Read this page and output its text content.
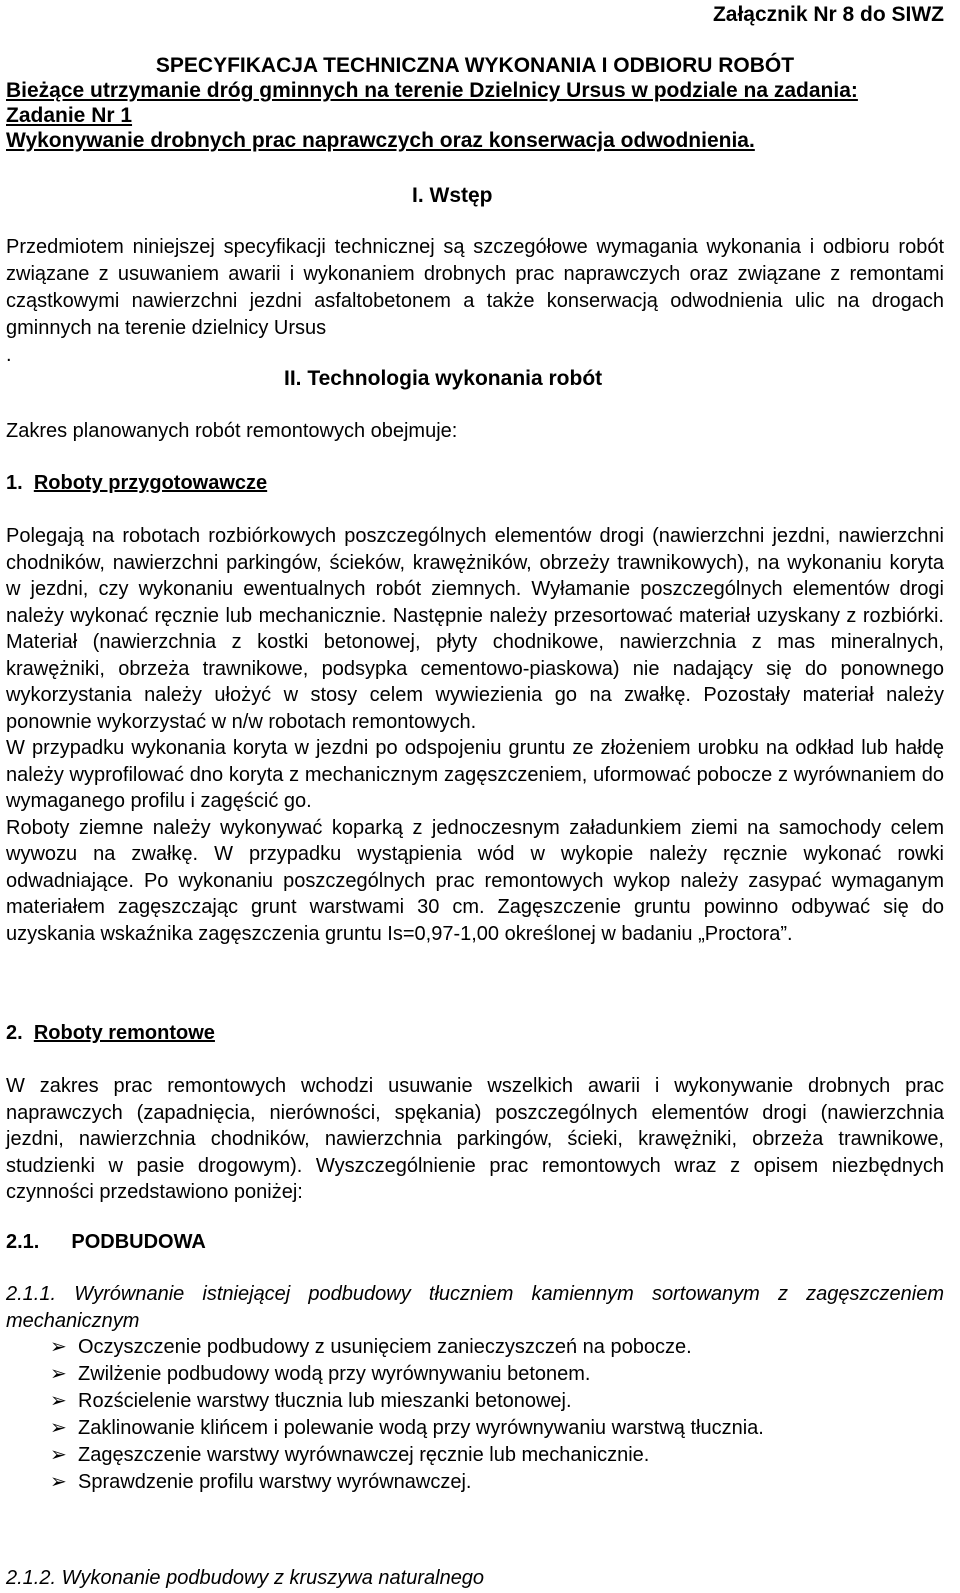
Załącznik Nr 8 do SIWZ
SPECYFIKACJA TECHNICZNA WYKONANIA I ODBIORU ROBÓT
Bieżące utrzymanie dróg gminnych na terenie Dzielnicy Ursus w podziale na zadania:
Zadanie Nr 1
Wykonywanie drobnych prac naprawczych oraz konserwacja odwodnienia.
I. Wstęp
Przedmiotem niniejszej specyfikacji technicznej są szczegółowe wymagania wykonania i odbioru robót związane z usuwaniem awarii i wykonaniem drobnych prac naprawczych oraz związane z remontami cząstkowymi nawierzchni jezdni asfaltobetonem a także konserwacją odwodnienia ulic na drogach gminnych na terenie dzielnicy Ursus
.
II. Technologia wykonania robót
Zakres planowanych robót remontowych obejmuje:
1. Roboty przygotowawcze
Polegają na robotach rozbiórkowych poszczególnych elementów drogi (nawierzchni jezdni, nawierzchni chodników, nawierzchni parkingów, ścieków, krawężników, obrzeży trawnikowych), na wykonaniu koryta w jezdni, czy wykonaniu ewentualnych robót ziemnych. Wyłamanie poszczególnych elementów drogi należy wykonać ręcznie lub mechanicznie. Następnie należy przesortować materiał uzyskany z rozbiórki. Materiał (nawierzchnia z kostki betonowej, płyty chodnikowe, nawierzchnia z mas mineralnych, krawężniki, obrzeża trawnikowe, podsypka cementowo-piaskowa) nie nadający się do ponownego wykorzystania należy ułożyć w stosy celem wywiezienia go na zwałkę. Pozostały materiał należy ponownie wykorzystać w n/w robotach remontowych.
W przypadku wykonania koryta w jezdni po odspojeniu gruntu ze złożeniem urobku na odkład lub hałdę należy wyprofilować dno koryta z mechanicznym zagęszczeniem, uformować pobocze z wyrównaniem do wymaganego profilu i zagęścić go.
Roboty ziemne należy wykonywać koparką z jednoczesnym załadunkiem ziemi na samochody celem wywozu na zwałkę. W przypadku wystąpienia wód w wykopie należy ręcznie wykonać rowki odwadniające. Po wykonaniu poszczególnych prac remontowych wykop należy zasypać wymaganym materiałem zagęszczając grunt warstwami 30 cm. Zagęszczenie gruntu powinno odbywać się do uzyskania wskaźnika zagęszczenia gruntu Is=0,97-1,00 określonej w badaniu „Proctora”.
2. Roboty remontowe
W zakres prac remontowych wchodzi usuwanie wszelkich awarii i wykonywanie drobnych prac naprawczych (zapadnięcia, nierówności, spękania) poszczególnych elementów drogi (nawierzchnia jezdni, nawierzchnia chodników, nawierzchnia parkingów, ścieki, krawężniki, obrzeża trawnikowe, studzienki w pasie drogowym). Wyszczególnienie prac remontowych wraz z opisem niezbędnych czynności przedstawiono poniżej:
2.1. PODBUDOWA
2.1.1. Wyrównanie istniejącej podbudowy tłuczniem kamiennym sortowanym z zagęszczeniem mechanicznym
➢ Oczyszczenie podbudowy z usunięciem zanieczyszczeń na pobocze.
➢ Zwilżenie podbudowy wodą przy wyrównywaniu betonem.
➢ Rozścielenie warstwy tłucznia lub mieszanki betonowej.
➢ Zaklinowanie klińcem i polewanie wodą przy wyrównywaniu warstwą tłucznia.
➢ Zagęszczenie warstwy wyrównawczej ręcznie lub mechanicznie.
➢ Sprawdzenie profilu warstwy wyrównawczej.
2.1.2. Wykonanie podbudowy z kruszywa naturalnego
